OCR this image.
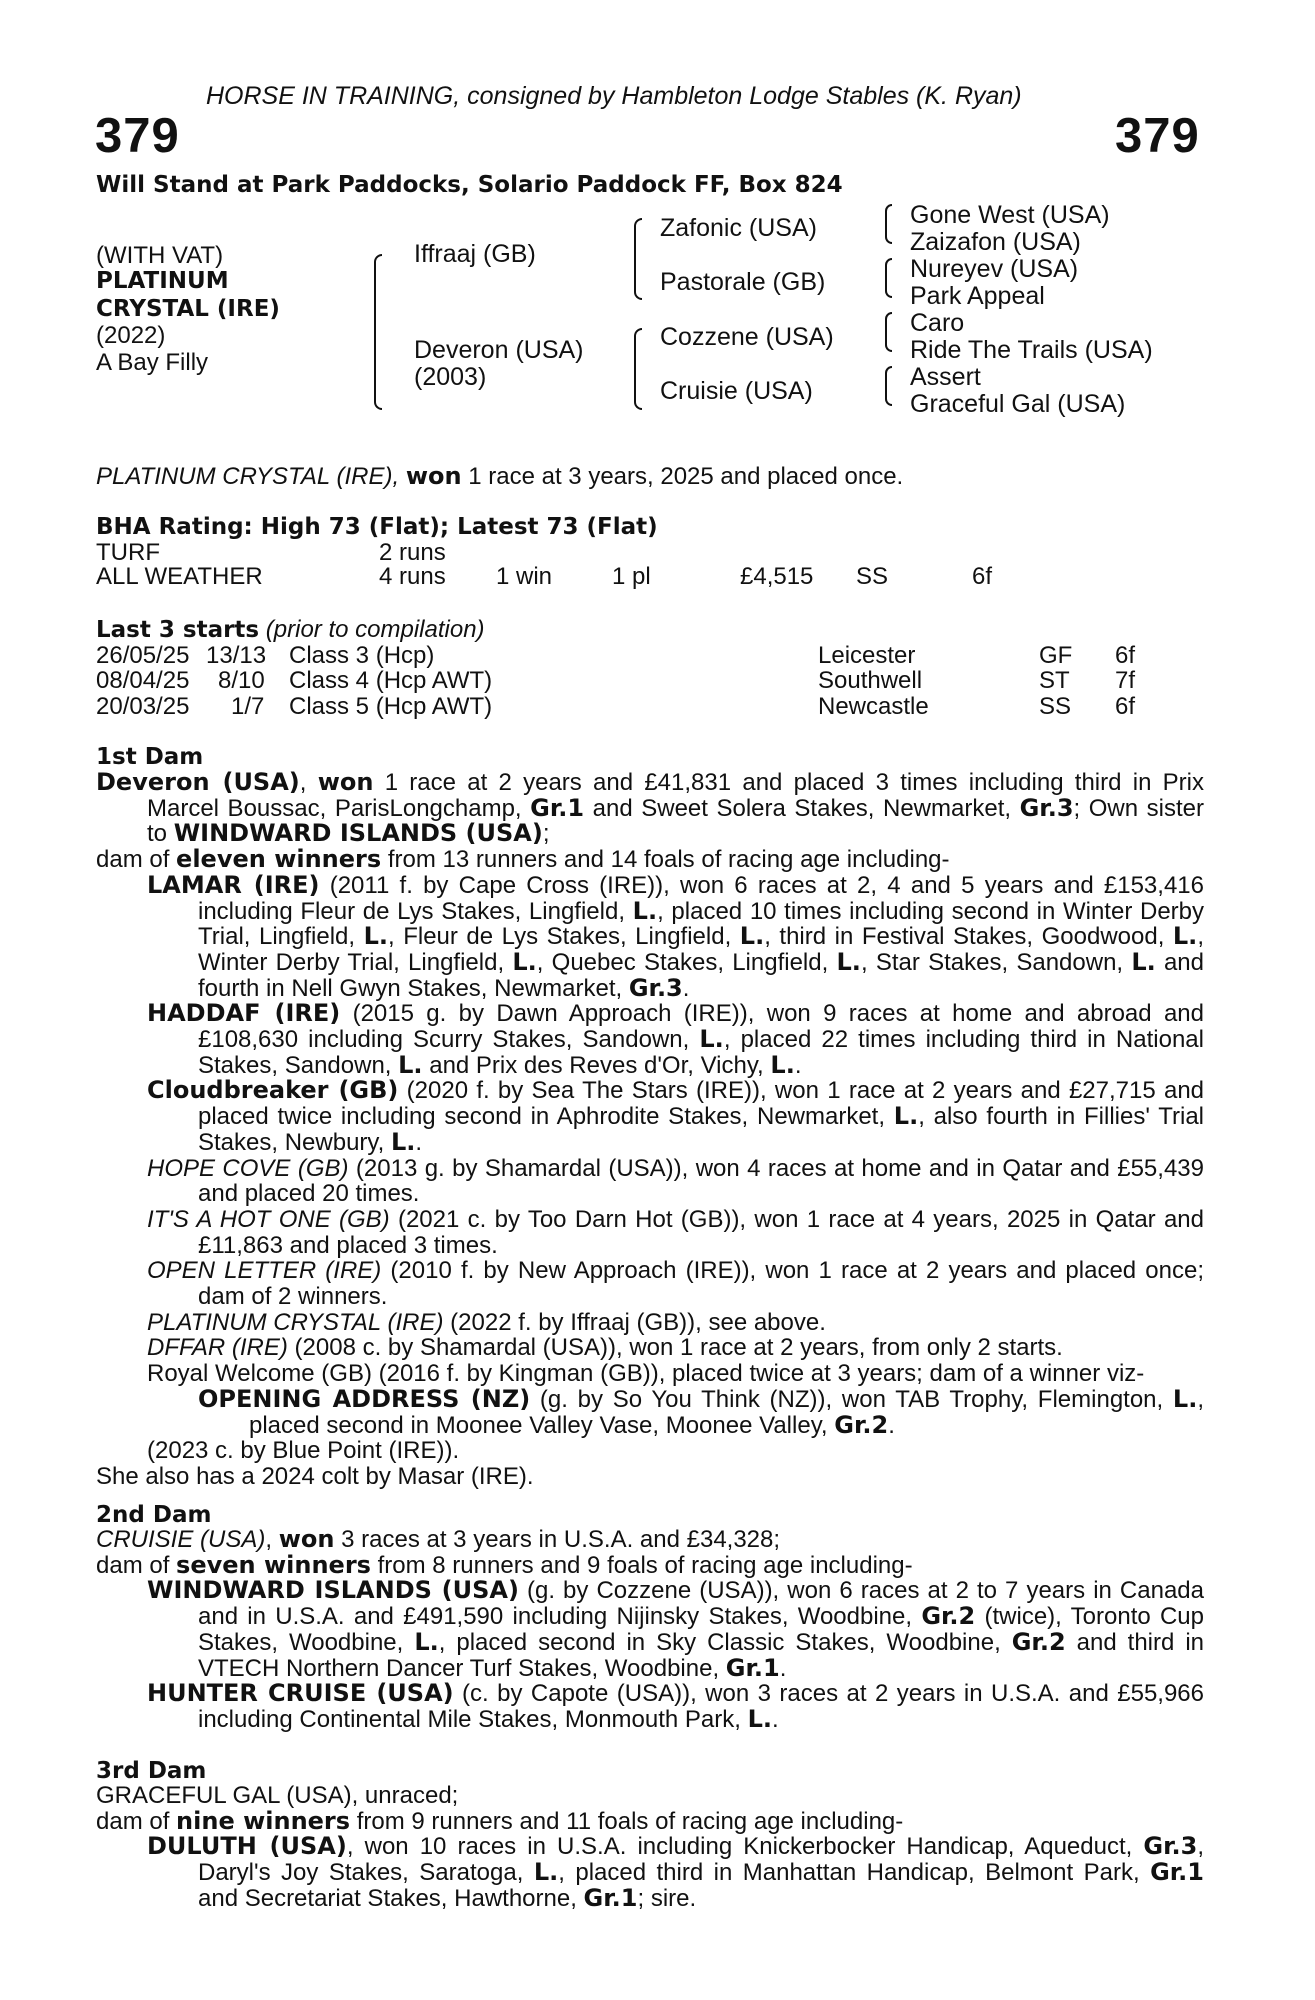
HORSE IN TRAINING, consigned by Hambleton Lodge Stables (K. Ryan)
379	379
Will Stand at Park Paddocks, Solario Paddock FF, Box 824
(WITH VAT)
PLATINUM
CRYSTAL (IRE)
(2022)
A Bay Filly
Iffraaj (GB)
Deveron (USA)
(2003)
Zafonic (USA)
Pastorale (GB)
Cozzene (USA)
Cruisie (USA)
Gone West (USA)
Zaizafon (USA)
Nureyev (USA)
Park Appeal
Caro
Ride The Trails (USA)
Assert
Graceful Gal (USA)
PLATINUM CRYSTAL (IRE), won 1 race at 3 years, 2025 and placed once.
BHA Rating: High 73 (Flat); Latest 73 (Flat)
TURF	2 runs
ALL WEATHER	4 runs 1 win 1 pl	£4,515 SS	6f
Last 3 starts (prior to compilation)
26/05/25 13/13 Class 3 (Hcp)	Leicester	GF 6f
08/04/25 8/10 Class 4 (Hcp AWT)	Southwell	ST 7f
20/03/25 1/7 Class 5 (Hcp AWT)	Newcastle	SS 6f
1st Dam

Deveron (USA), won 1 race at 2 years and £41,831 and placed 3 times including third in Prix Marcel Boussac, ParisLongchamp, Gr.1 and Sweet Solera Stakes, Newmarket, Gr.3; Own sister to WINDWARD ISLANDS (USA);

dam of eleven winners from 13 runners and 14 foals of racing age including-

LAMAR (IRE) (2011 f. by Cape Cross (IRE)), won 6 races at 2, 4 and 5 years and £153,416 including Fleur de Lys Stakes, Lingfield, L., placed 10 times including second in Winter Derby Trial, Lingfield, L., Fleur de Lys Stakes, Lingfield, L., third in Festival Stakes, Goodwood, L., Winter Derby Trial, Lingfield, L., Quebec Stakes, Lingfield, L., Star Stakes, Sandown, L. and fourth in Nell Gwyn Stakes, Newmarket, Gr.3.

HADDAF (IRE) (2015 g. by Dawn Approach (IRE)), won 9 races at home and abroad and £108,630 including Scurry Stakes, Sandown, L., placed 22 times including third in National Stakes, Sandown, L. and Prix des Reves d'Or, Vichy, L..

Cloudbreaker (GB) (2020 f. by Sea The Stars (IRE)), won 1 race at 2 years and £27,715 and placed twice including second in Aphrodite Stakes, Newmarket, L., also fourth in Fillies' Trial Stakes, Newbury, L..

HOPE COVE (GB) (2013 g. by Shamardal (USA)), won 4 races at home and in Qatar and £55,439 and placed 20 times.

IT'S A HOT ONE (GB) (2021 c. by Too Darn Hot (GB)), won 1 race at 4 years, 2025 in Qatar and £11,863 and placed 3 times.

OPEN LETTER (IRE) (2010 f. by New Approach (IRE)), won 1 race at 2 years and placed once; dam of 2 winners.

PLATINUM CRYSTAL (IRE) (2022 f. by Iffraaj (GB)), see above.

DFFAR (IRE) (2008 c. by Shamardal (USA)), won 1 race at 2 years, from only 2 starts.

Royal Welcome (GB) (2016 f. by Kingman (GB)), placed twice at 3 years; dam of a winner viz-

OPENING ADDRESS (NZ) (g. by So You Think (NZ)), won TAB Trophy, Flemington, L., placed second in Moonee Valley Vase, Moonee Valley, Gr.2.

(2023 c. by Blue Point (IRE)).

She also has a 2024 colt by Masar (IRE).

2nd Dam

CRUISIE (USA), won 3 races at 3 years in U.S.A. and £34,328;

dam of seven winners from 8 runners and 9 foals of racing age including-

WINDWARD ISLANDS (USA) (g. by Cozzene (USA)), won 6 races at 2 to 7 years in Canada and in U.S.A. and £491,590 including Nijinsky Stakes, Woodbine, Gr.2 (twice), Toronto Cup Stakes, Woodbine, L., placed second in Sky Classic Stakes, Woodbine, Gr.2 and third in VTECH Northern Dancer Turf Stakes, Woodbine, Gr.1.

HUNTER CRUISE (USA) (c. by Capote (USA)), won 3 races at 2 years in U.S.A. and £55,966 including Continental Mile Stakes, Monmouth Park, L..

3rd Dam

GRACEFUL GAL (USA), unraced;

dam of nine winners from 9 runners and 11 foals of racing age including-

DULUTH (USA), won 10 races in U.S.A. including Knickerbocker Handicap, Aqueduct, Gr.3, Daryl's Joy Stakes, Saratoga, L., placed third in Manhattan Handicap, Belmont Park, Gr.1 and Secretariat Stakes, Hawthorne, Gr.1; sire.
